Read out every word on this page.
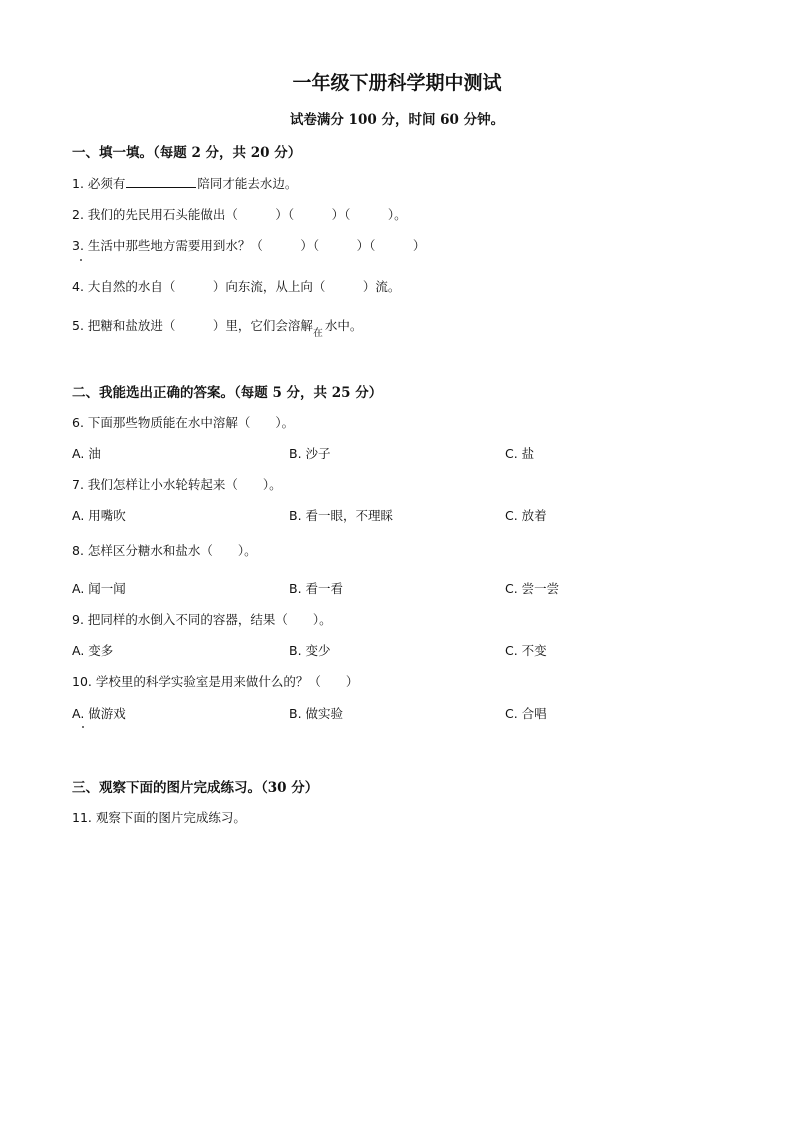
一年级下册科学期中测试
试卷满分 100 分，时间 60 分钟。
一、填一填。（每题 2 分，共 20 分）
1. 必须有	陪同才能去水边。
2. 我们的先民用石头能做出（　　　）（　　　）（　　　）。
3. 生活中那些地方需要用到水？（　　　）（　　　）（　　　）
4. 大自然的水自（　　　）向东流，从上向（　　　）流。
5. 把糖和盐放进（　　　）里，它们会溶解
在
水中。
二、我能选出正确的答案。（每题 5 分，共 25 分）
6. 下面那些物质能在水中溶解（　　）。
A. 油	B. 沙子	C. 盐
7. 我们怎样让小水轮转起来（　　）。
A. 用嘴吹	B. 看一眼，不理睬	C. 放着
8. 怎样区分糖水和盐水（　　）。
A. 闻一闻	B. 看一看	C. 尝一尝
9. 把同样的水倒入不同的容器，结果（　　）。
A. 变多	B. 变少	C. 不变
10. 学校里的科学实验室是用来做什么的？（　　）
A. 做游戏	B. 做实验	C. 合唱
三、观察下面的图片完成练习。（30 分）
11. 观察下面的图片完成练习。
